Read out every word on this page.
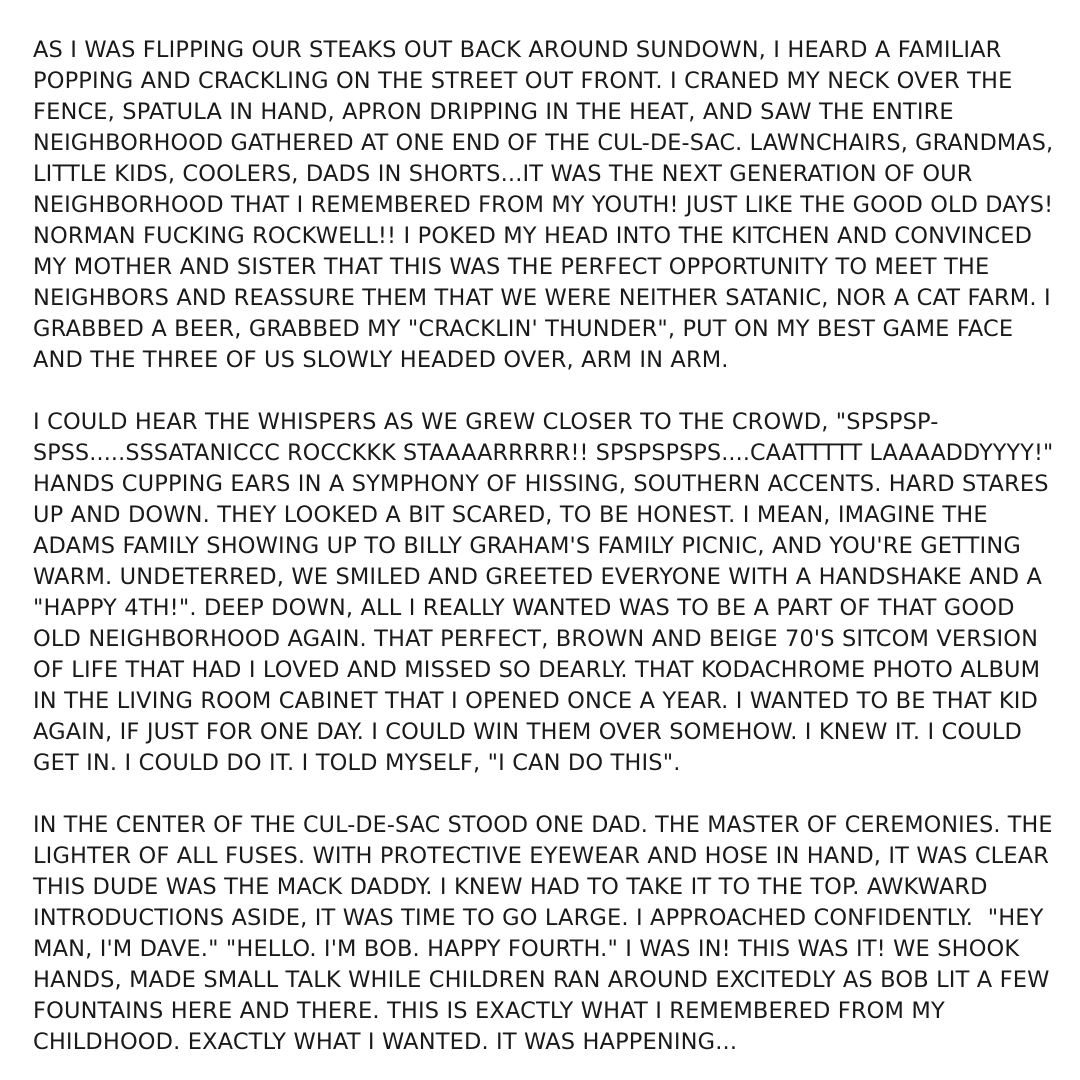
AS I WAS FLIPPING OUR STEAKS OUT BACK AROUND SUNDOWN, I HEARD A FAMILIAR
POPPING AND CRACKLING ON THE STREET OUT FRONT. I CRANED MY NECK OVER THE
FENCE, SPATULA IN HAND, APRON DRIPPING IN THE HEAT, AND SAW THE ENTIRE
NEIGHBORHOOD GATHERED AT ONE END OF THE CUL-DE-SAC. LAWNCHAIRS, GRANDMAS,
LITTLE KIDS, COOLERS, DADS IN SHORTS...IT WAS THE NEXT GENERATION OF OUR
NEIGHBORHOOD THAT I REMEMBERED FROM MY YOUTH! JUST LIKE THE GOOD OLD DAYS!
NORMAN FUCKING ROCKWELL!! I POKED MY HEAD INTO THE KITCHEN AND CONVINCED
MY MOTHER AND SISTER THAT THIS WAS THE PERFECT OPPORTUNITY TO MEET THE
NEIGHBORS AND REASSURE THEM THAT WE WERE NEITHER SATANIC, NOR A CAT FARM. I
GRABBED A BEER, GRABBED MY "CRACKLIN' THUNDER", PUT ON MY BEST GAME FACE
AND THE THREE OF US SLOWLY HEADED OVER, ARM IN ARM.

I COULD HEAR THE WHISPERS AS WE GREW CLOSER TO THE CROWD, "SPSPSP-
SPSS.....SSSATANICCC ROCCKKK STAAAARRRRR!! SPSPSPSPS....CAATTTTT LAAAADDYYYY!"
HANDS CUPPING EARS IN A SYMPHONY OF HISSING, SOUTHERN ACCENTS. HARD STARES
UP AND DOWN. THEY LOOKED A BIT SCARED, TO BE HONEST. I MEAN, IMAGINE THE
ADAMS FAMILY SHOWING UP TO BILLY GRAHAM'S FAMILY PICNIC, AND YOU'RE GETTING
WARM. UNDETERRED, WE SMILED AND GREETED EVERYONE WITH A HANDSHAKE AND A
"HAPPY 4TH!". DEEP DOWN, ALL I REALLY WANTED WAS TO BE A PART OF THAT GOOD
OLD NEIGHBORHOOD AGAIN. THAT PERFECT, BROWN AND BEIGE 70'S SITCOM VERSION
OF LIFE THAT HAD I LOVED AND MISSED SO DEARLY. THAT KODACHROME PHOTO ALBUM
IN THE LIVING ROOM CABINET THAT I OPENED ONCE A YEAR. I WANTED TO BE THAT KID
AGAIN, IF JUST FOR ONE DAY. I COULD WIN THEM OVER SOMEHOW. I KNEW IT. I COULD
GET IN. I COULD DO IT. I TOLD MYSELF, "I CAN DO THIS".

IN THE CENTER OF THE CUL-DE-SAC STOOD ONE DAD. THE MASTER OF CEREMONIES. THE
LIGHTER OF ALL FUSES. WITH PROTECTIVE EYEWEAR AND HOSE IN HAND, IT WAS CLEAR
THIS DUDE WAS THE MACK DADDY. I KNEW HAD TO TAKE IT TO THE TOP. AWKWARD
INTRODUCTIONS ASIDE, IT WAS TIME TO GO LARGE. I APPROACHED CONFIDENTLY.  "HEY
MAN, I'M DAVE." "HELLO. I'M BOB. HAPPY FOURTH." I WAS IN! THIS WAS IT! WE SHOOK
HANDS, MADE SMALL TALK WHILE CHILDREN RAN AROUND EXCITEDLY AS BOB LIT A FEW
FOUNTAINS HERE AND THERE. THIS IS EXACTLY WHAT I REMEMBERED FROM MY
CHILDHOOD. EXACTLY WHAT I WANTED. IT WAS HAPPENING...
